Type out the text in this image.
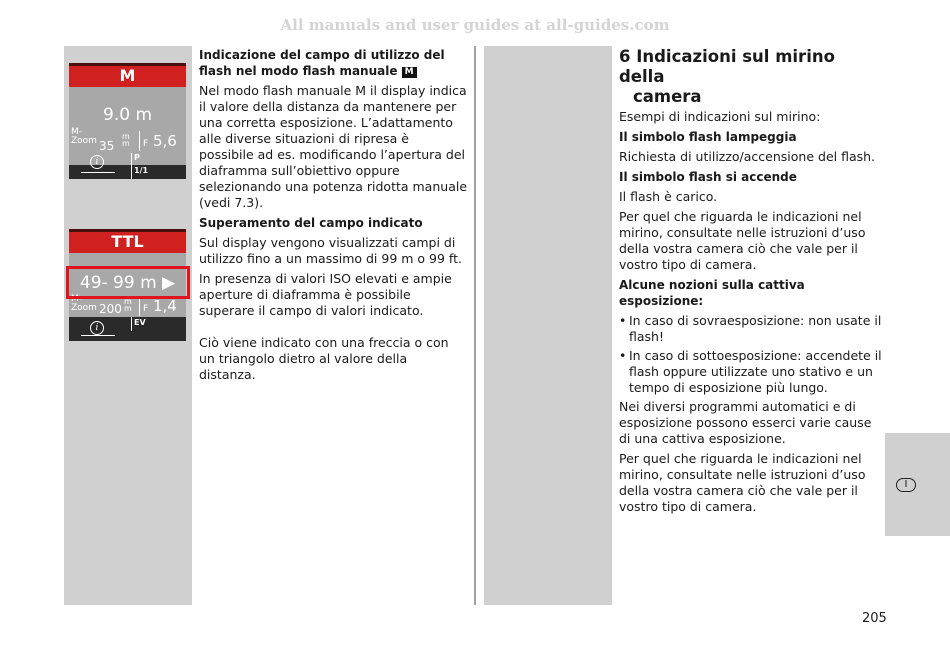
All manuals and user guides at all-guides.com
M
9.0 m
M-
Zoom 35
m m F 5,6
i	P
1/1
TTL
49- 99 m ▶
M-
Zoom 200
m m F 1,4
i
EV

Indicazione del campo di utilizzo del flash nel modo flash manuale M

Nel modo flash manuale M il display indica il valore della distanza da mantenere per una corretta esposizione. L’adattamento alle diverse situazioni di ripresa è possibile ad es. modificando l’apertura del diaframma sull’obiettivo oppure selezionando una potenza ridotta manuale (vedi 7.3).

Superamento del campo indicato

Sul display vengono visualizzati campi di utilizzo fino a un massimo di 99 m o 99 ft.

In presenza di valori ISO elevati e ampie aperture di diaframma è possibile superare il campo di valori indicato.

Ciò viene indicato con una freccia o con un triangolo dietro al valore della distanza.

6 Indicazioni sul mirino della
camera

Esempi di indicazioni sul mirino:

Il simbolo flash lampeggia

Richiesta di utilizzo/accensione del flash.

Il simbolo flash si accende

Il flash è carico.

Per quel che riguarda le indicazioni nel mirino, consultate nelle istruzioni d’uso della vostra camera ciò che vale per il vostro tipo di camera.

Alcune nozioni sulla cattiva esposizione:

• In caso di sovraesposizione: non usate il flash!
• In caso di sottoesposizione: accendete il flash oppure utilizzate uno stativo e un tempo di esposizione più lungo.

Nei diversi programmi automatici e di esposizione possono esserci varie cause di una cattiva esposizione.

Per quel che riguarda le indicazioni nel mirino, consultate nelle istruzioni d’uso della vostra camera ciò che vale per il vostro tipo di camera.

I
205
